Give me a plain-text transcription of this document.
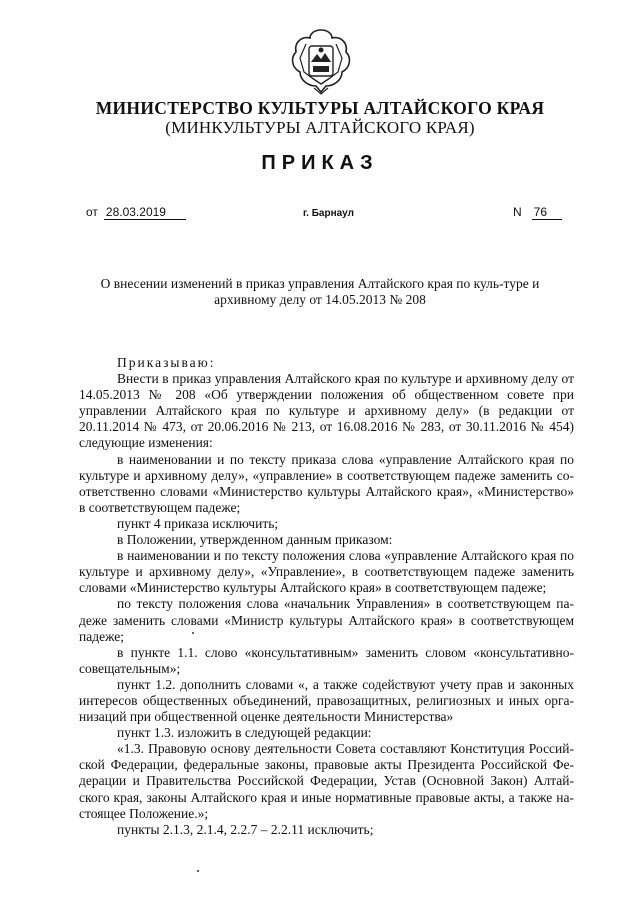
МИНИСТЕРСТВО КУЛЬТУРЫ АЛТАЙСКОГО КРАЯ
(МИНКУЛЬТУРЫ АЛТАЙСКОГО КРАЯ)
ПРИКАЗ
от 28.03.2019	г. Барнаул	N 76
О внесении изменений в приказ управления Алтайского края по куль-туре и архивному делу от 14.05.2013 № 208

Приказываю:

Внести в приказ управления Алтайского края по культуре и архивному делу от 14.05.2013 № 208 «Об утверждении положения об общественном совете при управлении Алтайского края по культуре и архивному делу» (в редакции от 20.11.2014 № 473, от 20.06.2016 № 213, от 16.08.2016 № 283, от 30.11.2016 № 454) следующие изменения:

в наименовании и по тексту приказа слова «управление Алтайского края по культуре и архивному делу», «управление» в соответствующем падеже заменить со-ответственно словами «Министерство культуры Алтайского края», «Министерство» в соответствующем падеже;

пункт 4 приказа исключить;

в Положении, утвержденном данным приказом:

в наименовании и по тексту положения слова «управление Алтайского края по культуре и архивному делу», «Управление», в соответствующем падеже заменить словами «Министерство культуры Алтайского края» в соответствующем падеже;

по тексту положения слова «начальник Управления» в соответствующем па-деже заменить словами «Министр культуры Алтайского края» в соответствующем падеже;

в пункте 1.1. слово «консультативным» заменить словом «консультативно-совещательным»;

пункт 1.2. дополнить словами «, а также содействуют учету прав и законных интересов общественных объединений, правозащитных, религиозных и иных орга-низаций при общественной оценке деятельности Министерства»

пункт 1.3. изложить в следующей редакции:

«1.3. Правовую основу деятельности Совета составляют Конституция Россий-ской Федерации, федеральные законы, правовые акты Президента Российской Фе-дерации и Правительства Российской Федерации, Устав (Основной Закон) Алтай-ского края, законы Алтайского края и иные нормативные правовые акты, а также на-стоящее Положение.»;

пункты 2.1.3, 2.1.4, 2.2.7 – 2.2.11 исключить;
